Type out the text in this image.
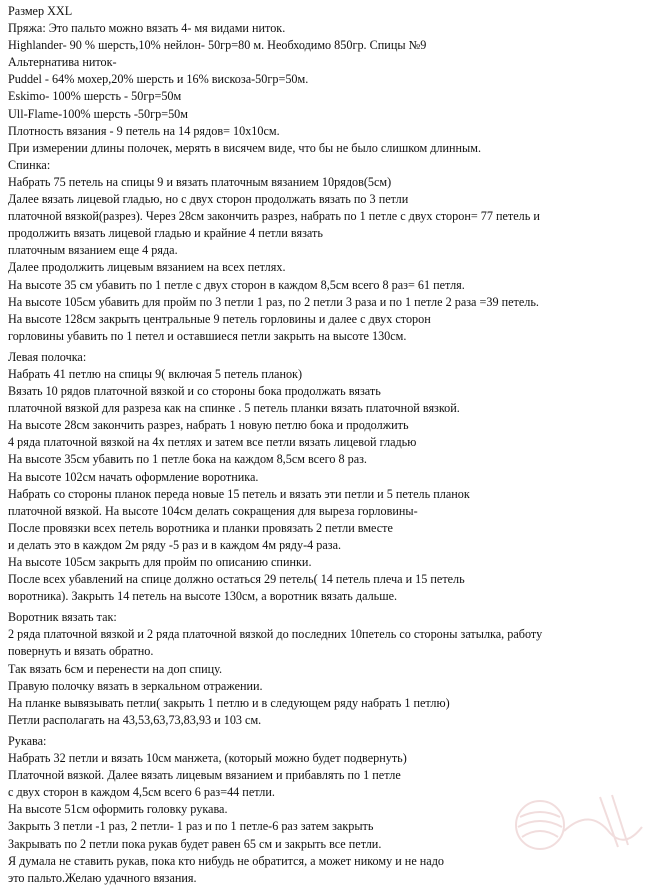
Размер XXL
Пряжа: Это пальто можно вязать 4- мя видами ниток.
Highlander- 90 % шерсть,10% нейлон- 50гр=80 м. Необходимо 850гр. Спицы №9
Альтернатива ниток-
Puddel - 64% мохер,20% шерсть и 16% вискоза-50гр=50м.
Eskimo- 100% шерсть - 50гр=50м
Ull-Flame-100% шерсть -50гр=50м
Плотность вязания - 9 петель на 14 рядов= 10х10см.
При измерении длины полочек, мерять в висячем виде, что бы не было слишком длинным.
Спинка:
Набрать 75 петель на спицы 9 и вязать платочным вязанием 10рядов(5см)
Далее вязать лицевой гладью, но с двух сторон продолжать вязать по 3 петли
платочной вязкой(разрез). Через 28см закончить разрез, набрать по 1 петле с двух сторон= 77 петель и
продолжить вязать лицевой гладью и крайние 4 петли вязать
платочным вязанием еще 4 ряда.
Далее продолжить лицевым вязанием на всех петлях.
На высоте 35 см убавить по 1 петле с двух сторон в каждом 8,5см всего 8 раз= 61 петля.
На высоте 105см убавить для пройм по 3 петли 1 раз, по 2 петли 3 раза и по 1 петле 2 раза =39 петель.
На высоте 128см закрыть центральные 9 петель горловины и далее с двух сторон
горловины убавить по 1 петел и оставшиеся петли закрыть на высоте 130см.
Левая полочка:
Набрать 41 петлю на спицы 9( включая 5 петель планок)
Вязать 10 рядов платочной вязкой и со стороны бока продолжать вязать
платочной вязкой для разреза как на спинке . 5 петель планки вязать платочной вязкой.
На высоте 28см закончить разрез, набрать 1 новую петлю бока и продолжить
4 ряда платочной вязкой на 4х петлях и затем все петли вязать лицевой гладью
На высоте 35см убавить по 1 петле бока на каждом 8,5см всего 8 раз.
На высоте 102см начать оформление воротника.
Набрать со стороны планок переда новые 15 петель и вязать эти петли и 5 петель планок
платочной вязкой. На высоте 104см делать сокращения для выреза горловины-
После провязки всех петель воротника и планки провязать 2 петли вместе
и делать это в каждом 2м ряду -5 раз и в каждом 4м ряду-4 раза.
На высоте 105см закрыть для пройм по описанию спинки.
После всех убавлений на спице должно остаться 29 петель( 14 петель плеча и 15 петель
воротника). Закрыть 14 петель на высоте 130см, а воротник вязать дальше.
Воротник вязать так:
2 ряда платочной вязкой и 2 ряда платочной вязкой до последних 10петель со стороны затылка, работу
повернуть и вязать обратно.
Так вязать 6см и перенести на доп спицу.
Правую полочку вязать в зеркальном отражении.
На планке вывязывать петли( закрыть 1 петлю и в следующем ряду набрать 1 петлю)
Петли располагать на 43,53,63,73,83,93 и 103 см.
Рукава:
Набрать 32 петли и вязать 10см манжета, (который можно будет подвернуть)
Платочной вязкой. Далее вязать лицевым вязанием и прибавлять по 1 петле
с двух сторон в каждом 4,5см всего 6 раз=44 петли.
На высоте 51см оформить головку рукава.
Закрыть 3 петли -1 раз, 2 петли- 1 раз и по 1 петле-6 раз затем закрыть
Закрывать по 2 петли пока рукав будет равен 65 см и закрыть все петли.
Я думала не ставить рукав, пока кто нибудь не обратится, а может никому и не надо
это пальто.Желаю удачного вязания.
